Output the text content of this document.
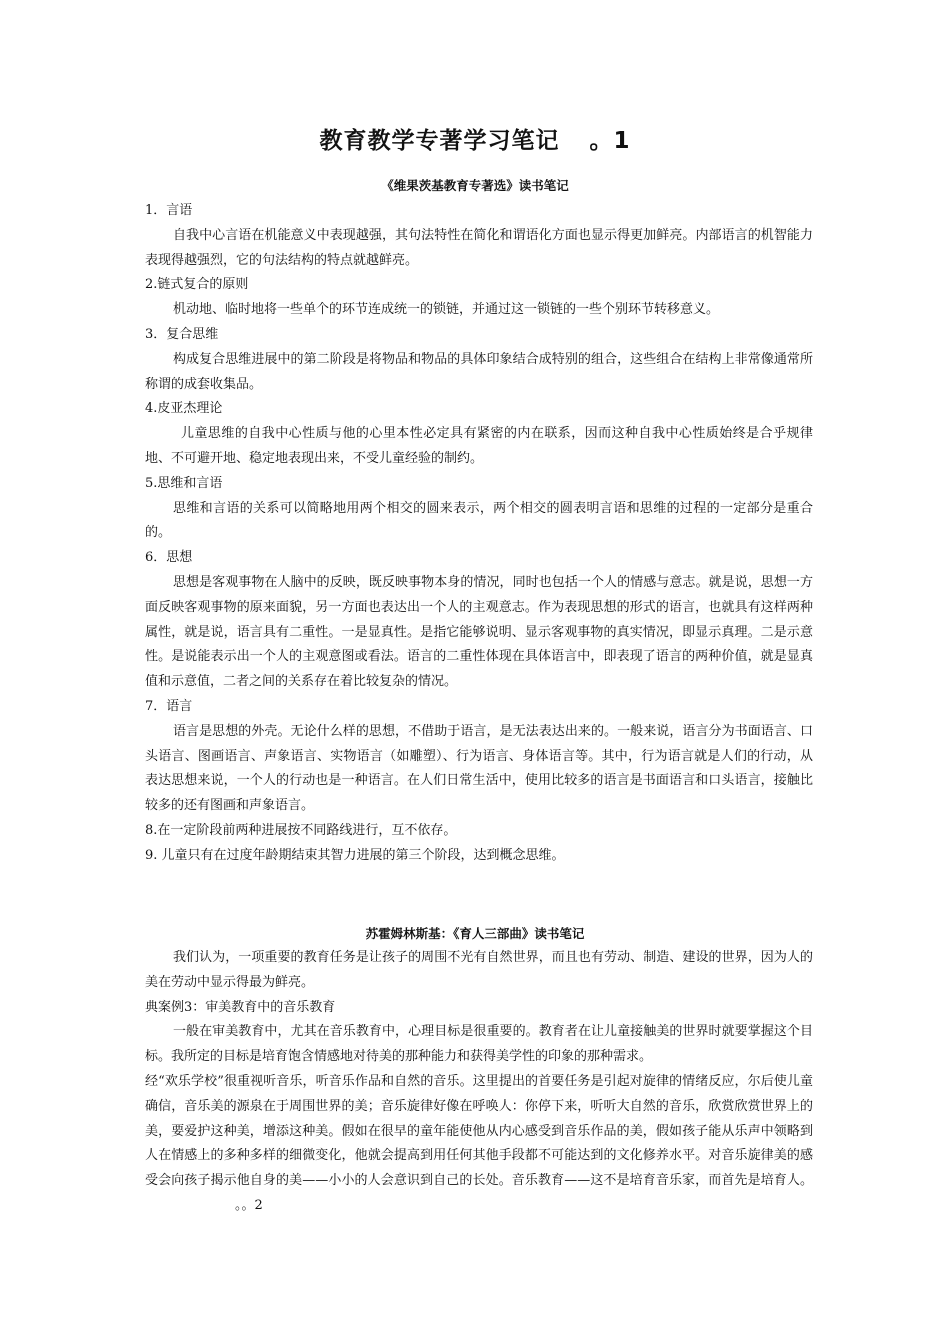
教育教学专著学习笔记 。1
《维果茨基教育专著选》读书笔记
1．言语
自我中心言语在机能意义中表现越强，其句法特性在简化和谓语化方面也显示得更加鲜亮。内部语言的机智能力表现得越强烈，它的句法结构的特点就越鲜亮。
2.链式复合的原则
机动地、临时地将一些单个的环节连成统一的锁链，并通过这一锁链的一些个别环节转移意义。
3．复合思维
构成复合思维进展中的第二阶段是将物品和物品的具体印象结合成特别的组合，这些组合在结构上非常像通常所称谓的成套收集品。
4.皮亚杰理论
儿童思维的自我中心性质与他的心里本性必定具有紧密的内在联系，因而这种自我中心性质始终是合乎规律地、不可避开地、稳定地表现出来，不受儿童经验的制约。
5.思维和言语
思维和言语的关系可以简略地用两个相交的圆来表示，两个相交的圆表明言语和思维的过程的一定部分是重合的。
6．思想
思想是客观事物在人脑中的反映，既反映事物本身的情况，同时也包括一个人的情感与意志。就是说，思想一方面反映客观事物的原来面貌，另一方面也表达出一个人的主观意志。作为表现思想的形式的语言，也就具有这样两种属性，就是说，语言具有二重性。一是显真性。是指它能够说明、显示客观事物的真实情况，即显示真理。二是示意性。是说能表示出一个人的主观意图或看法。语言的二重性体现在具体语言中，即表现了语言的两种价值，就是显真值和示意值，二者之间的关系存在着比较复杂的情况。
7．语言
语言是思想的外壳。无论什么样的思想，不借助于语言，是无法表达出来的。一般来说，语言分为书面语言、口头语言、图画语言、声象语言、实物语言（如雕塑）、行为语言、身体语言等。其中，行为语言就是人们的行动，从表达思想来说，一个人的行动也是一种语言。在人们日常生活中，使用比较多的语言是书面语言和口头语言，接触比较多的还有图画和声象语言。
8.在一定阶段前两种进展按不同路线进行，互不依存。
9. 儿童只有在过度年龄期结束其智力进展的第三个阶段，达到概念思维。
苏霍姆林斯基：《育人三部曲》读书笔记
我们认为，一项重要的教育任务是让孩子的周围不光有自然世界，而且也有劳动、制造、建设的世界，因为人的美在劳动中显示得最为鲜亮。
典案例3：审美教育中的音乐教育
一般在审美教育中，尤其在音乐教育中，心理目标是很重要的。教育者在让儿童接触美的世界时就要掌握这个目标。我所定的目标是培育饱含情感地对待美的那种能力和获得美学性的印象的那种需求。
经“欢乐学校”很重视听音乐，听音乐作品和自然的音乐。这里提出的首要任务是引起对旋律的情绪反应，尔后使儿童确信，音乐美的源泉在于周围世界的美；音乐旋律好像在呼唤人：你停下来，听听大自然的音乐，欣赏欣赏世界上的美，要爱护这种美，增添这种美。假如在很早的童年能使他从内心感受到音乐作品的美，假如孩子能从乐声中领略到人在情感上的多种多样的细微变化，他就会提高到用任何其他手段都不可能达到的文化修养水平。对音乐旋律美的感受会向孩子揭示他自身的美——小小的人会意识到自己的长处。音乐教育——这不是培育音乐家，而首先是培育人。。。2
